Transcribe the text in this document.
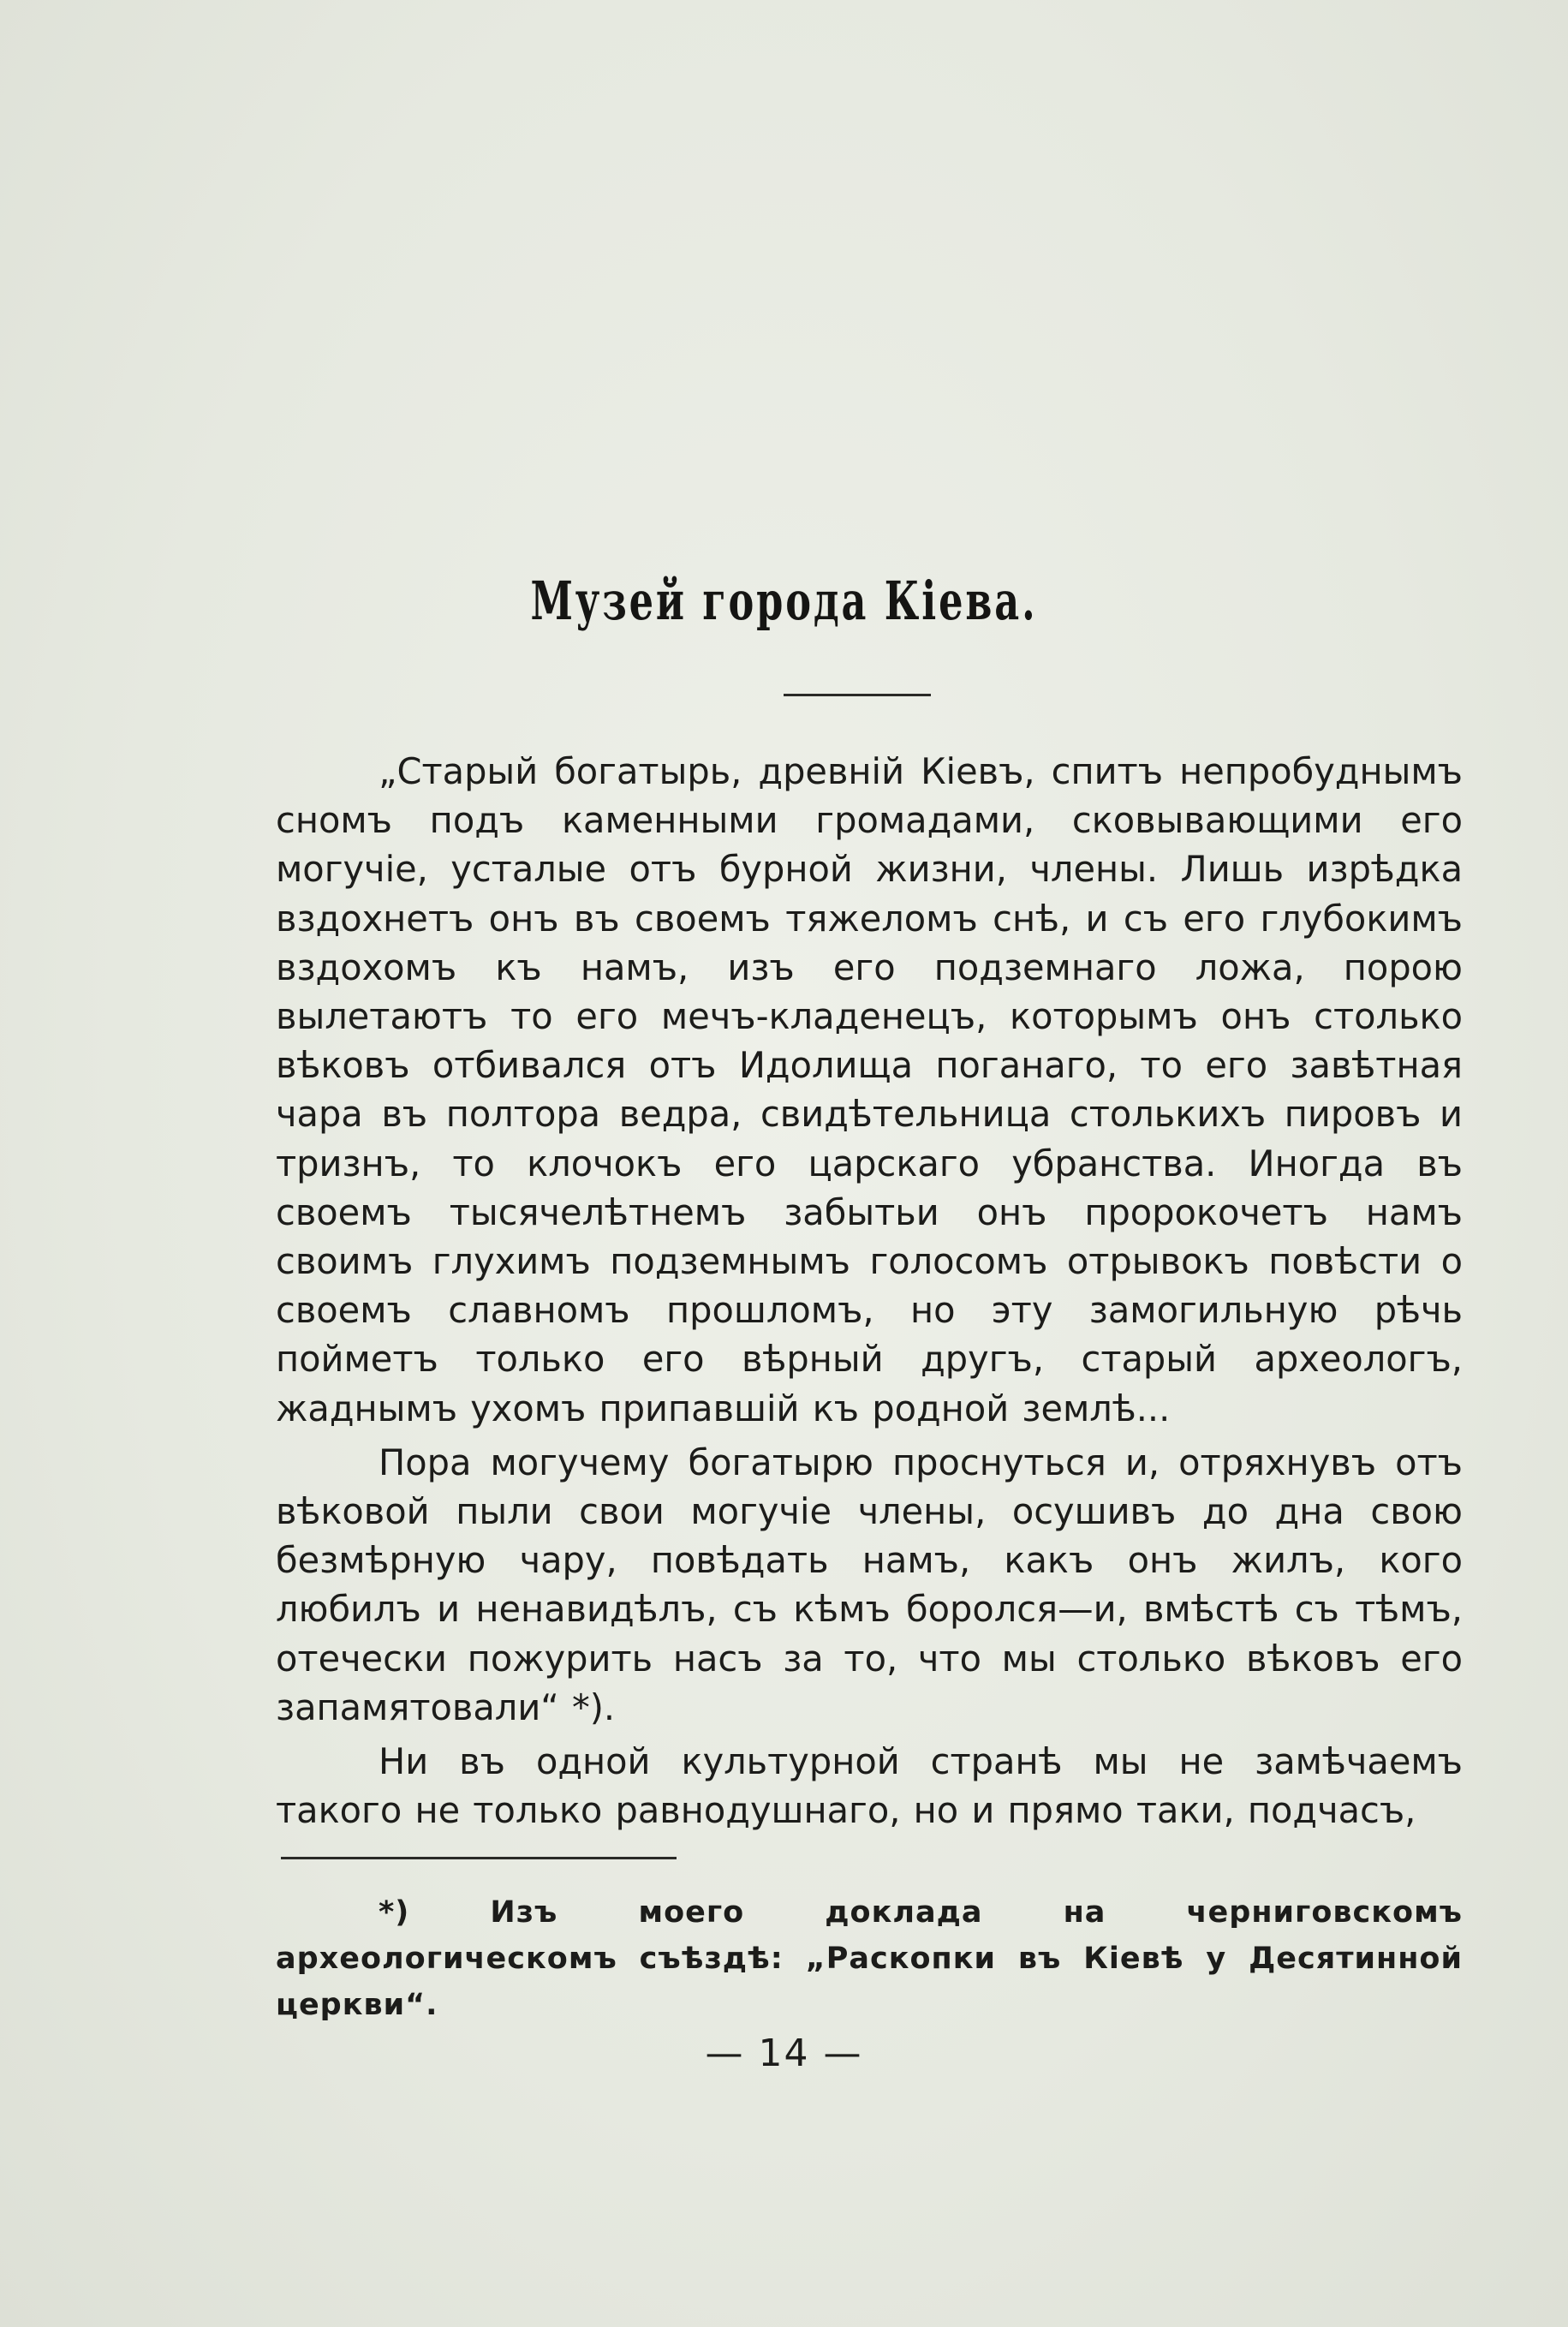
Музей города Кіева.

„Старый богатырь, древній Кіевъ, спитъ непробуднымъ сномъ подъ каменными громадами, сковывающими его могучіе, усталые отъ бурной жизни, члены. Лишь изрѣдка вздохнетъ онъ въ своемъ тяжеломъ снѣ, и съ его глубокимъ вздохомъ къ намъ, изъ его подземнаго ложа, порою вылетаютъ то его мечъ-кладенецъ, которымъ онъ столько вѣковъ отбивался отъ Идолища поганаго, то его завѣтная чара въ полтора ведра, свидѣтельница столькихъ пировъ и тризнъ, то клочокъ его царскаго убранства. Иногда въ своемъ тысячелѣтнемъ забытьи онъ пророкочетъ намъ своимъ глухимъ подземнымъ голосомъ отрывокъ повѣсти о своемъ славномъ прошломъ, но эту замогильную рѣчь пойметъ только его вѣрный другъ, старый археологъ, жаднымъ ухомъ припавшій къ родной землѣ...

Пора могучему богатырю проснуться и, отряхнувъ отъ вѣковой пыли свои могучіе члены, осушивъ до дна свою безмѣрную чару, повѣдать намъ, какъ онъ жилъ, кого любилъ и ненавидѣлъ, съ кѣмъ боролся—и, вмѣстѣ съ тѣмъ, отечески пожурить насъ за то, что мы столько вѣковъ его запамятовали“ *).

Ни въ одной культурной странѣ мы не замѣчаемъ такого не только равнодушнаго, но и прямо таки, подчасъ,

*) Изъ моего доклада на черниговскомъ археологическомъ съѣздѣ: „Раскопки въ Кіевѣ у Десятинной церкви“.

— 14 —
